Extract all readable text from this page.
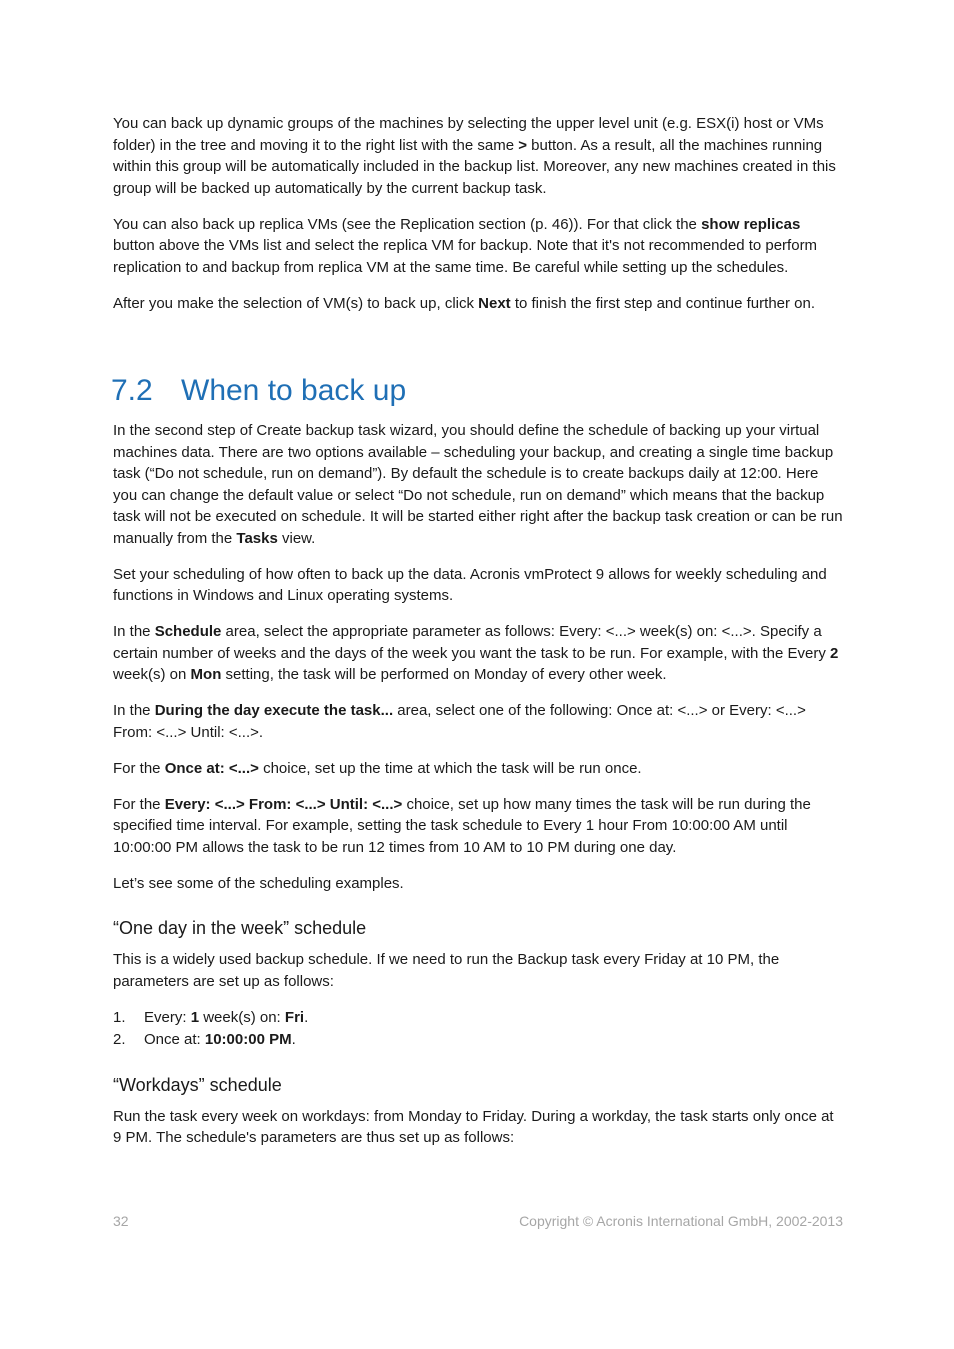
You can back up dynamic groups of the machines by selecting the upper level unit (e.g. ESX(i) host or VMs folder) in the tree and moving it to the right list with the same > button. As a result, all the machines running within this group will be automatically included in the backup list. Moreover, any new machines created in this group will be backed up automatically by the current backup task.

You can also back up replica VMs (see the Replication section (p. 46)). For that click the show replicas button above the VMs list and select the replica VM for backup. Note that it's not recommended to perform replication to and backup from replica VM at the same time. Be careful while setting up the schedules.

After you make the selection of VM(s) to back up, click Next to finish the first step and continue further on.

7.2 When to back up

In the second step of Create backup task wizard, you should define the schedule of backing up your virtual machines data. There are two options available – scheduling your backup, and creating a single time backup task (“Do not schedule, run on demand”). By default the schedule is to create backups daily at 12:00. Here you can change the default value or select “Do not schedule, run on demand” which means that the backup task will not be executed on schedule. It will be started either right after the backup task creation or can be run manually from the Tasks view.

Set your scheduling of how often to back up the data. Acronis vmProtect 9 allows for weekly scheduling and functions in Windows and Linux operating systems.

In the Schedule area, select the appropriate parameter as follows: Every: <...> week(s) on: <...>. Specify a certain number of weeks and the days of the week you want the task to be run. For example, with the Every 2 week(s) on Mon setting, the task will be performed on Monday of every other week.

In the During the day execute the task... area, select one of the following: Once at: <...> or Every: <...> From: <...> Until: <...>.

For the Once at: <...> choice, set up the time at which the task will be run once.

For the Every: <...> From: <...> Until: <...> choice, set up how many times the task will be run during the specified time interval. For example, setting the task schedule to Every 1 hour From 10:00:00 AM until 10:00:00 PM allows the task to be run 12 times from 10 AM to 10 PM during one day.

Let’s see some of the scheduling examples.

“One day in the week” schedule

This is a widely used backup schedule. If we need to run the Backup task every Friday at 10 PM, the parameters are set up as follows:

1. Every: 1 week(s) on: Fri.
2. Once at: 10:00:00 PM.
“Workdays” schedule

Run the task every week on workdays: from Monday to Friday. During a workday, the task starts only once at 9 PM. The schedule's parameters are thus set up as follows:

32	Copyright © Acronis International GmbH, 2002-2013
